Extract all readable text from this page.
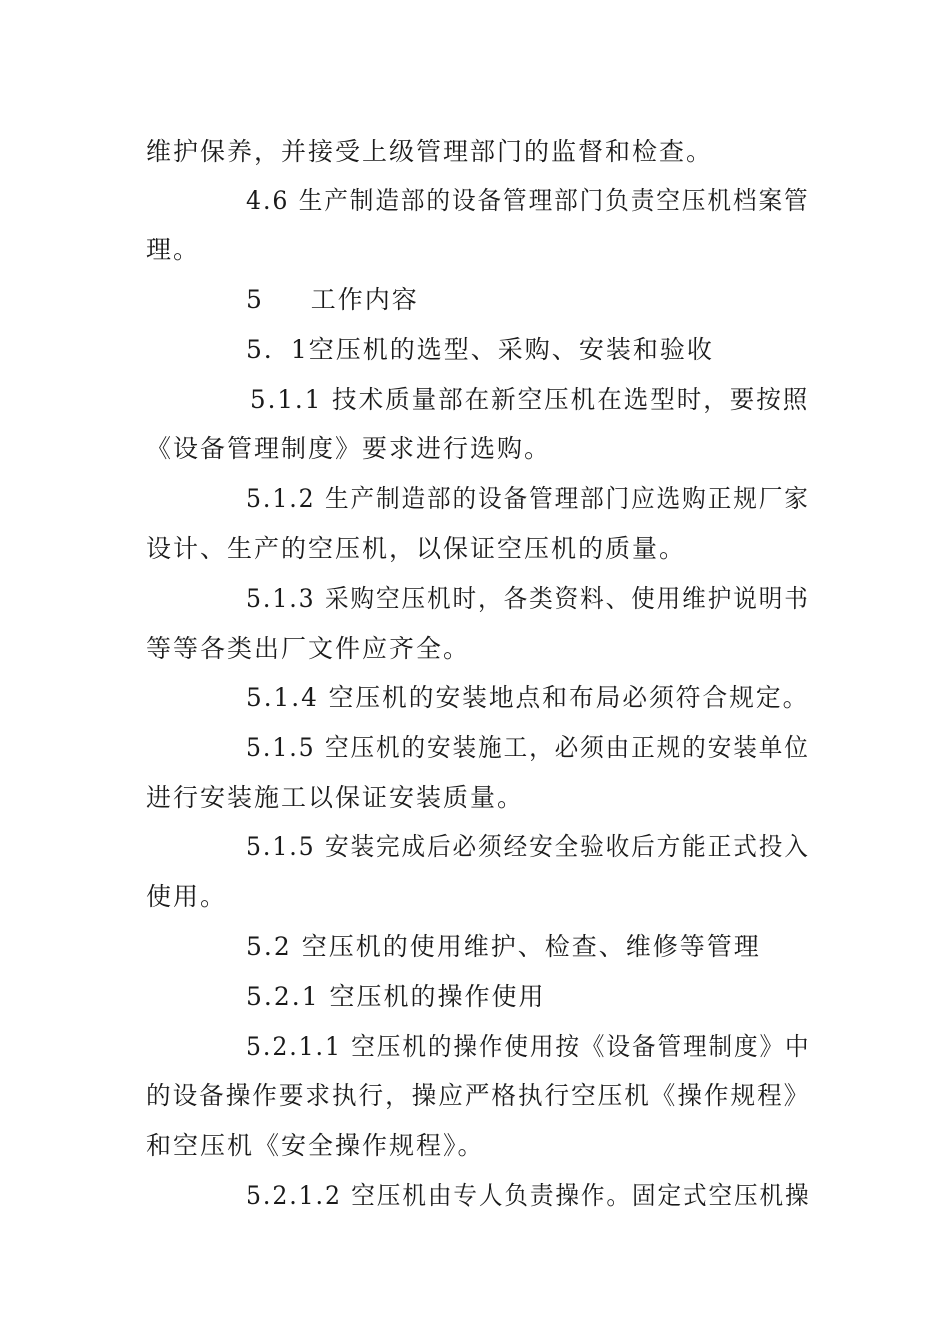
维护保养，并接受上级管理部门的监督和检查。
4.6 生产制造部的设备管理部门负责空压机档案管
理。
5 　 工作内容
5．1空压机的选型、采购、安装和验收
5.1.1 技术质量部在新空压机在选型时，要按照
《设备管理制度》要求进行选购。
5.1.2 生产制造部的设备管理部门应选购正规厂家
设计、生产的空压机，以保证空压机的质量。
5.1.3 采购空压机时，各类资料、使用维护说明书
等等各类出厂文件应齐全。
5.1.4 空压机的安装地点和布局必须符合规定。
5.1.5 空压机的安装施工，必须由正规的安装单位
进行安装施工以保证安装质量。
5.1.5 安装完成后必须经安全验收后方能正式投入
使用。
5.2 空压机的使用维护、检查、维修等管理
5.2.1 空压机的操作使用
5.2.1.1 空压机的操作使用按《设备管理制度》中
的设备操作要求执行，操应严格执行空压机《操作规程》
和空压机《安全操作规程》。
5.2.1.2 空压机由专人负责操作。固定式空压机操
